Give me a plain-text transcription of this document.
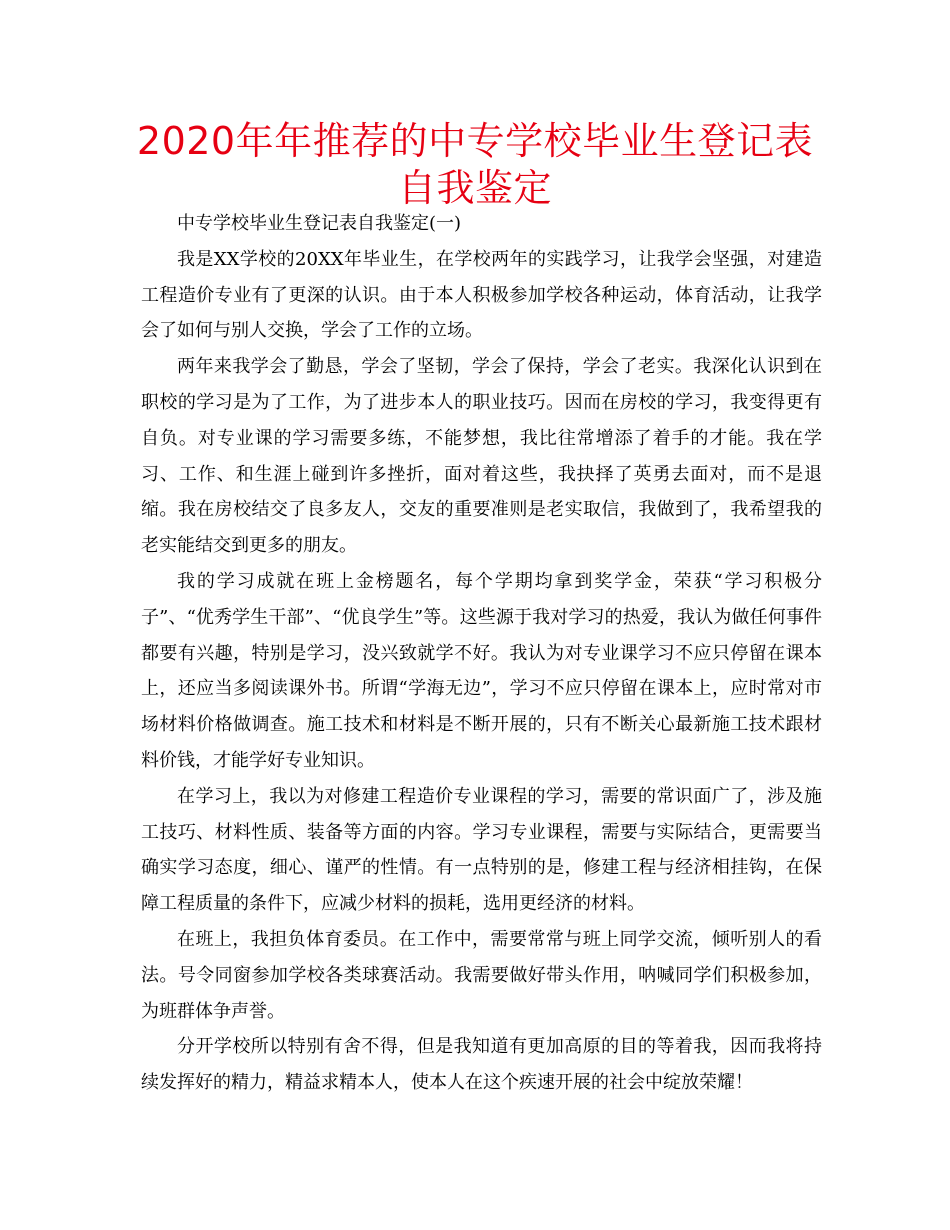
2020年年推荐的中专学校毕业生登记表自我鉴定

中专学校毕业生登记表自我鉴定(一)

我是XX学校的20XX年毕业生，在学校两年的实践学习，让我学会坚强，对建造工程造价专业有了更深的认识。由于本人积极参加学校各种运动，体育活动，让我学会了如何与别人交换，学会了工作的立场。

两年来我学会了勤恳，学会了坚韧，学会了保持，学会了老实。我深化认识到在职校的学习是为了工作，为了进步本人的职业技巧。因而在房校的学习，我变得更有自负。对专业课的学习需要多练，不能梦想，我比往常增添了着手的才能。我在学习、工作、和生涯上碰到许多挫折，面对着这些，我抉择了英勇去面对，而不是退缩。我在房校结交了良多友人，交友的重要准则是老实取信，我做到了，我希望我的老实能结交到更多的朋友。

我的学习成就在班上金榜题名，每个学期均拿到奖学金，荣获“学习积极分子”、“优秀学生干部”、“优良学生”等。这些源于我对学习的热爱，我认为做任何事件都要有兴趣，特别是学习，没兴致就学不好。我认为对专业课学习不应只停留在课本上，还应当多阅读课外书。所谓“学海无边”，学习不应只停留在课本上，应时常对市场材料价格做调查。施工技术和材料是不断开展的，只有不断关心最新施工技术跟材料价钱，才能学好专业知识。

在学习上，我以为对修建工程造价专业课程的学习，需要的常识面广了，涉及施工技巧、材料性质、装备等方面的内容。学习专业课程，需要与实际结合，更需要当确实学习态度，细心、谨严的性情。有一点特别的是，修建工程与经济相挂钩，在保障工程质量的条件下，应减少材料的损耗，选用更经济的材料。

在班上，我担负体育委员。在工作中，需要常常与班上同学交流，倾听别人的看法。号令同窗参加学校各类球赛活动。我需要做好带头作用，呐喊同学们积极参加，为班群体争声誉。

分开学校所以特别有舍不得，但是我知道有更加高原的目的等着我，因而我将持续发挥好的精力，精益求精本人，使本人在这个疾速开展的社会中绽放荣耀！
